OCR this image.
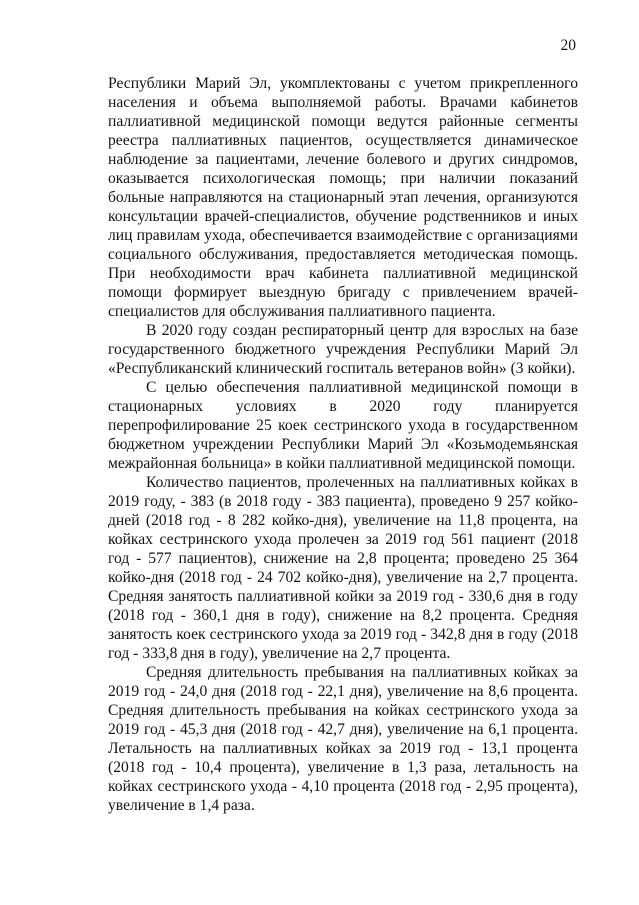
20

Республики Марий Эл, укомплектованы с учетом прикрепленного населения и объема выполняемой работы. Врачами кабинетов паллиативной медицинской помощи ведутся районные сегменты реестра паллиативных пациентов, осуществляется динамическое наблюдение за пациентами, лечение болевого и других синдромов, оказывается психологическая помощь; при наличии показаний больные направляются на стационарный этап лечения, организуются консультации врачей-специалистов, обучение родственников и иных лиц правилам ухода, обеспечивается взаимодействие с организациями социального обслуживания, предоставляется методическая помощь. При необходимости врач кабинета паллиативной медицинской помощи формирует выездную бригаду с привлечением врачей-специалистов для обслуживания паллиативного пациента.

В 2020 году создан респираторный центр для взрослых на базе государственного бюджетного учреждения Республики Марий Эл «Республиканский клинический госпиталь ветеранов войн» (3 койки).

С целью обеспечения паллиативной медицинской помощи в стационарных условиях в 2020 году планируется перепрофилирование 25 коек сестринского ухода в государственном бюджетном учреждении Республики Марий Эл «Козьмодемьянская межрайонная больница» в койки паллиативной медицинской помощи.

Количество пациентов, пролеченных на паллиативных койках в 2019 году, - 383 (в 2018 году - 383 пациента), проведено 9 257 койко-дней (2018 год - 8 282 койко-дня), увеличение на 11,8 процента, на койках сестринского ухода пролечен за 2019 год 561 пациент (2018 год - 577 пациентов), снижение на 2,8 процента; проведено 25 364 койко-дня (2018 год - 24 702 койко-дня), увеличение на 2,7 процента. Средняя занятость паллиативной койки за 2019 год - 330,6 дня в году (2018 год - 360,1 дня в году), снижение на 8,2 процента. Средняя занятость коек сестринского ухода за 2019 год - 342,8 дня в году (2018 год - 333,8 дня в году), увеличение на 2,7 процента.

Средняя длительность пребывания на паллиативных койках за 2019 год - 24,0 дня (2018 год - 22,1 дня), увеличение на 8,6 процента. Средняя длительность пребывания на койках сестринского ухода за 2019 год - 45,3 дня (2018 год - 42,7 дня), увеличение на 6,1 процента. Летальность на паллиативных койках за 2019 год - 13,1 процента (2018 год - 10,4 процента), увеличение в 1,3 раза, летальность на койках сестринского ухода - 4,10 процента (2018 год - 2,95 процента), увеличение в 1,4 раза.
